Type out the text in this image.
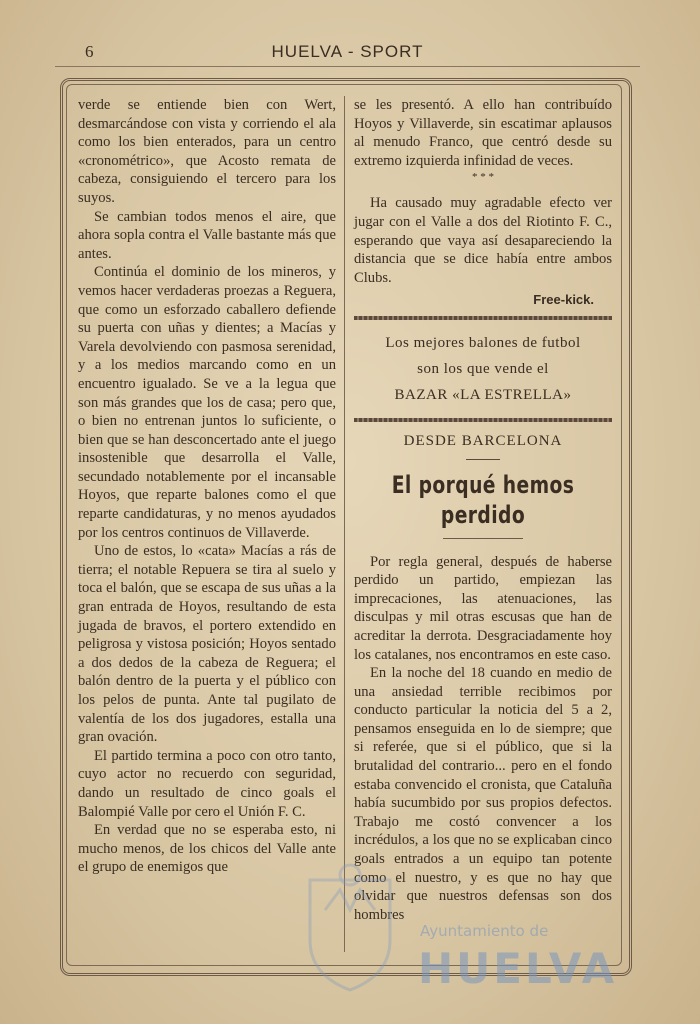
6	HUELVA - SPORT

verde se entiende bien con Wert, desmarcándose con vista y corriendo el ala como los bien enterados, para un centro «cronométrico», que Acosto remata de cabeza, consiguiendo el tercero para los suyos.

Se cambian todos menos el aire, que ahora sopla contra el Valle bastante más que antes.

Continúa el dominio de los mineros, y vemos hacer verdaderas proezas a Reguera, que como un esforzado caballero defiende su puerta con uñas y dientes; a Macías y Varela devolviendo con pasmosa serenidad, y a los medios marcando como en un encuentro igualado. Se ve a la legua que son más grandes que los de casa; pero que, o bien no entrenan juntos lo suficiente, o bien que se han desconcertado ante el juego insostenible que desarrolla el Valle, secundado notablemente por el incansable Hoyos, que reparte balones como el que reparte candidaturas, y no menos ayudados por los centros continuos de Villaverde.

Uno de estos, lo «cata» Macías a rás de tierra; el notable Repuera se tira al suelo y toca el balón, que se escapa de sus uñas a la gran entrada de Hoyos, resultando de esta jugada de bravos, el portero extendido en peligrosa y vistosa posición; Hoyos sentado a dos dedos de la cabeza de Reguera; el balón dentro de la puerta y el público con los pelos de punta. Ante tal pugilato de valentía de los dos jugadores, estalla una gran ovación.

El partido termina a poco con otro tanto, cuyo actor no recuerdo con seguridad, dando un resultado de cinco goals el Balompié Valle por cero el Unión F. C.

En verdad que no se esperaba esto, ni mucho menos, de los chicos del Valle ante el grupo de enemigos que

se les presentó. A ello han contribuído Hoyos y Villaverde, sin escatimar aplausos al menudo Franco, que centró desde su extremo izquierda infinidad de veces.

* * *

Ha causado muy agradable efecto ver jugar con el Valle a dos del Riotinto F. C., esperando que vaya así desapareciendo la distancia que se dice había entre ambos Clubs.

Free-kick.
Los mejores balones de futbol
son los que vende el
BAZAR «LA ESTRELLA»
DESDE BARCELONA
El porqué hemos perdido

Por regla general, después de haberse perdido un partido, empiezan las imprecaciones, las atenuaciones, las disculpas y mil otras escusas que han de acreditar la derrota. Desgraciadamente hoy los catalanes, nos encontramos en este caso.

En la noche del 18 cuando en medio de una ansiedad terrible recibimos por conducto particular la noticia del 5 a 2, pensamos enseguida en lo de siempre; que si referée, que si el público, que si la brutalidad del contrario... pero en el fondo estaba convencido el cronista, que Cataluña había sucumbido por sus propios defectos. Trabajo me costó convencer a los incrédulos, a los que no se explicaban cinco goals entrados a un equipo tan potente como el nuestro, y es que no hay que olvidar que nuestros defensas son dos hombres

Ayuntamiento de
HUELVA
